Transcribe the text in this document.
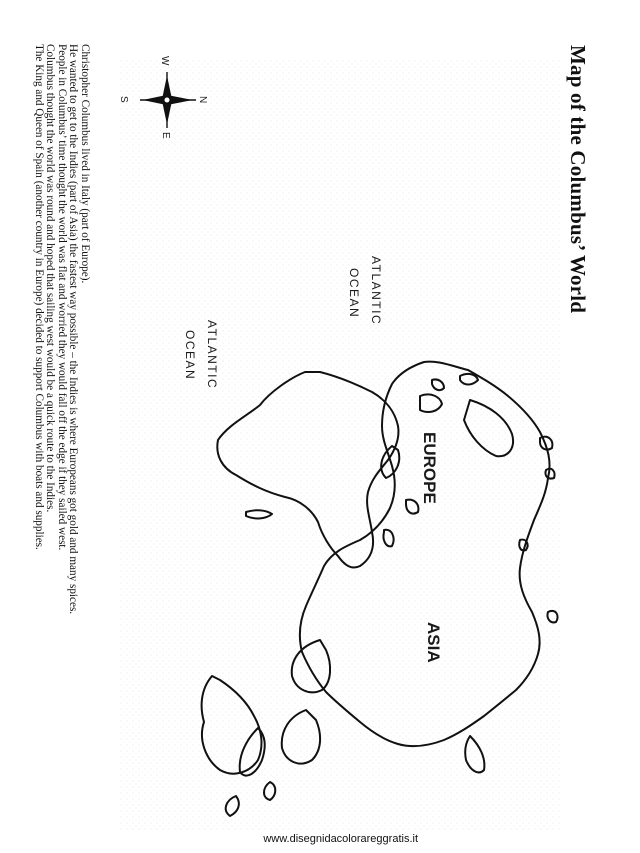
Map of the Columbus’ World
Christopher Columbus lived in Italy (part of Europe).
He wanted to get to the Indies (part of Asia) the fastest way possible – the Indies is where Europeans got gold and many spices.
People in Columbus’ time thought the world was flat and worried they would fall off the edge if they sailed west.
Columbus thought the world was round and hoped that sailing west would be a quick route to the Indies.
The King and Queen of Spain (another country in Europe) decided to support Columbus with boats and supplies.	W
N
S
E
EUROPE
ASIA
ATLANTIC
OCEAN
ATLANTIC
OCEAN
www.disegnidacolorareggratis.it
